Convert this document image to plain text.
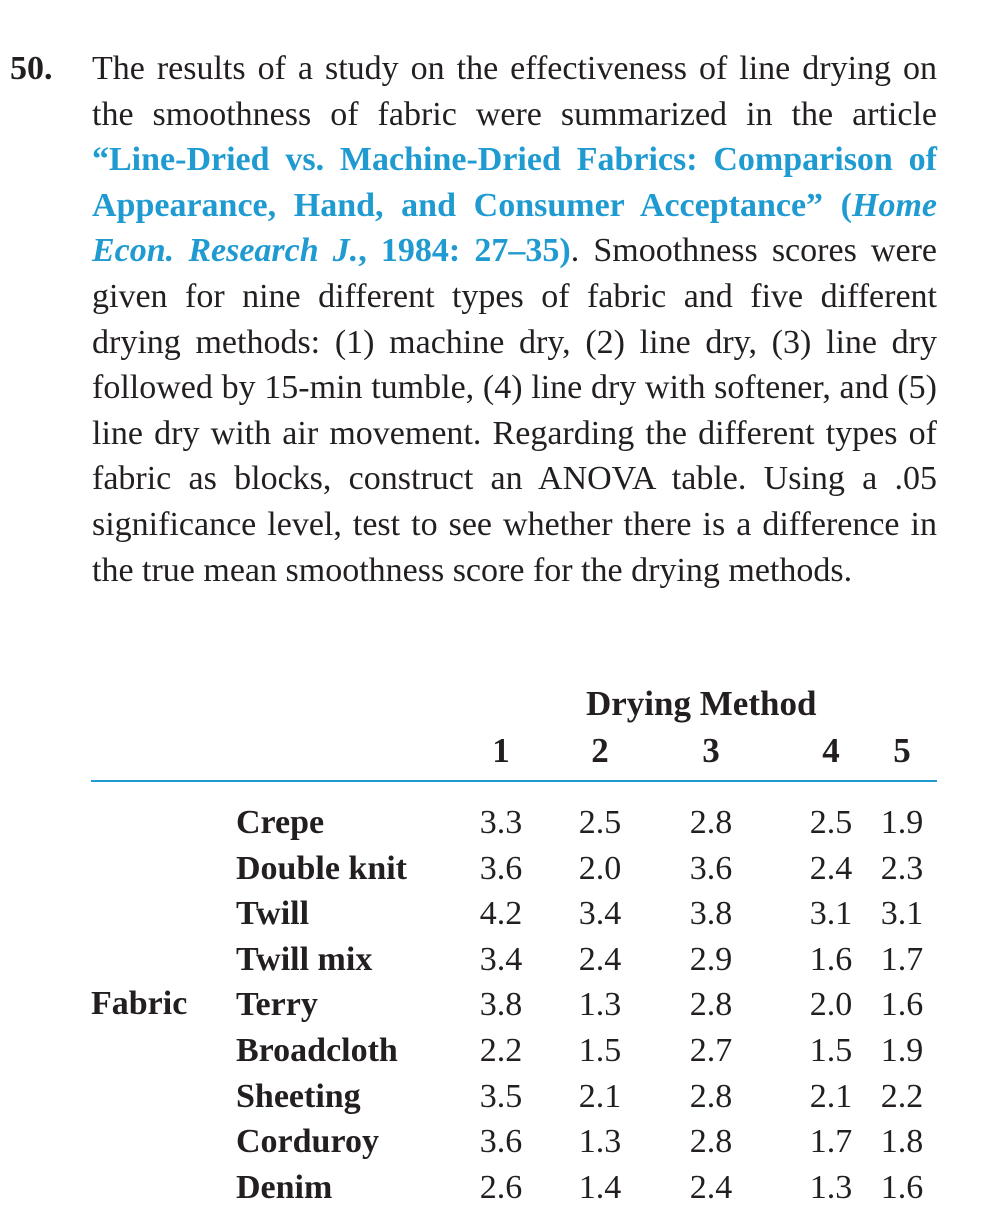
50. The results of a study on the effectiveness of line drying on the smoothness of fabric were summarized in the article “Line-Dried vs. Machine-Dried Fabrics: Comparison of Appearance, Hand, and Consumer Acceptance” (Home Econ. Research J., 1984: 27–35). Smoothness scores were given for nine different types of fabric and five different drying methods: (1) machine dry, (2) line dry, (3) line dry followed by 15-min tumble, (4) line dry with softener, and (5) line dry with air movement. Regarding the different types of fabric as blocks, construct an ANOVA table. Using a .05 significance level, test to see whether there is a difference in the true mean smoothness score for the drying methods.
Drying Method
1	2	3	4	5
Fabric
Crepe	3.3 2.5 2.8 2.5 1.9
Double knit 3.6 2.0 3.6 2.4 2.3
Twill	4.2 3.4 3.8 3.1 3.1
Twill mix	3.4 2.4 2.9 1.6 1.7
Terry	3.8 1.3 2.8 2.0 1.6
Broadcloth 2.2 1.5 2.7 1.5 1.9
Sheeting	3.5 2.1 2.8 2.1 2.2
Corduroy	3.6 1.3 2.8 1.7 1.8
Denim	2.6 1.4 2.4 1.3 1.6
